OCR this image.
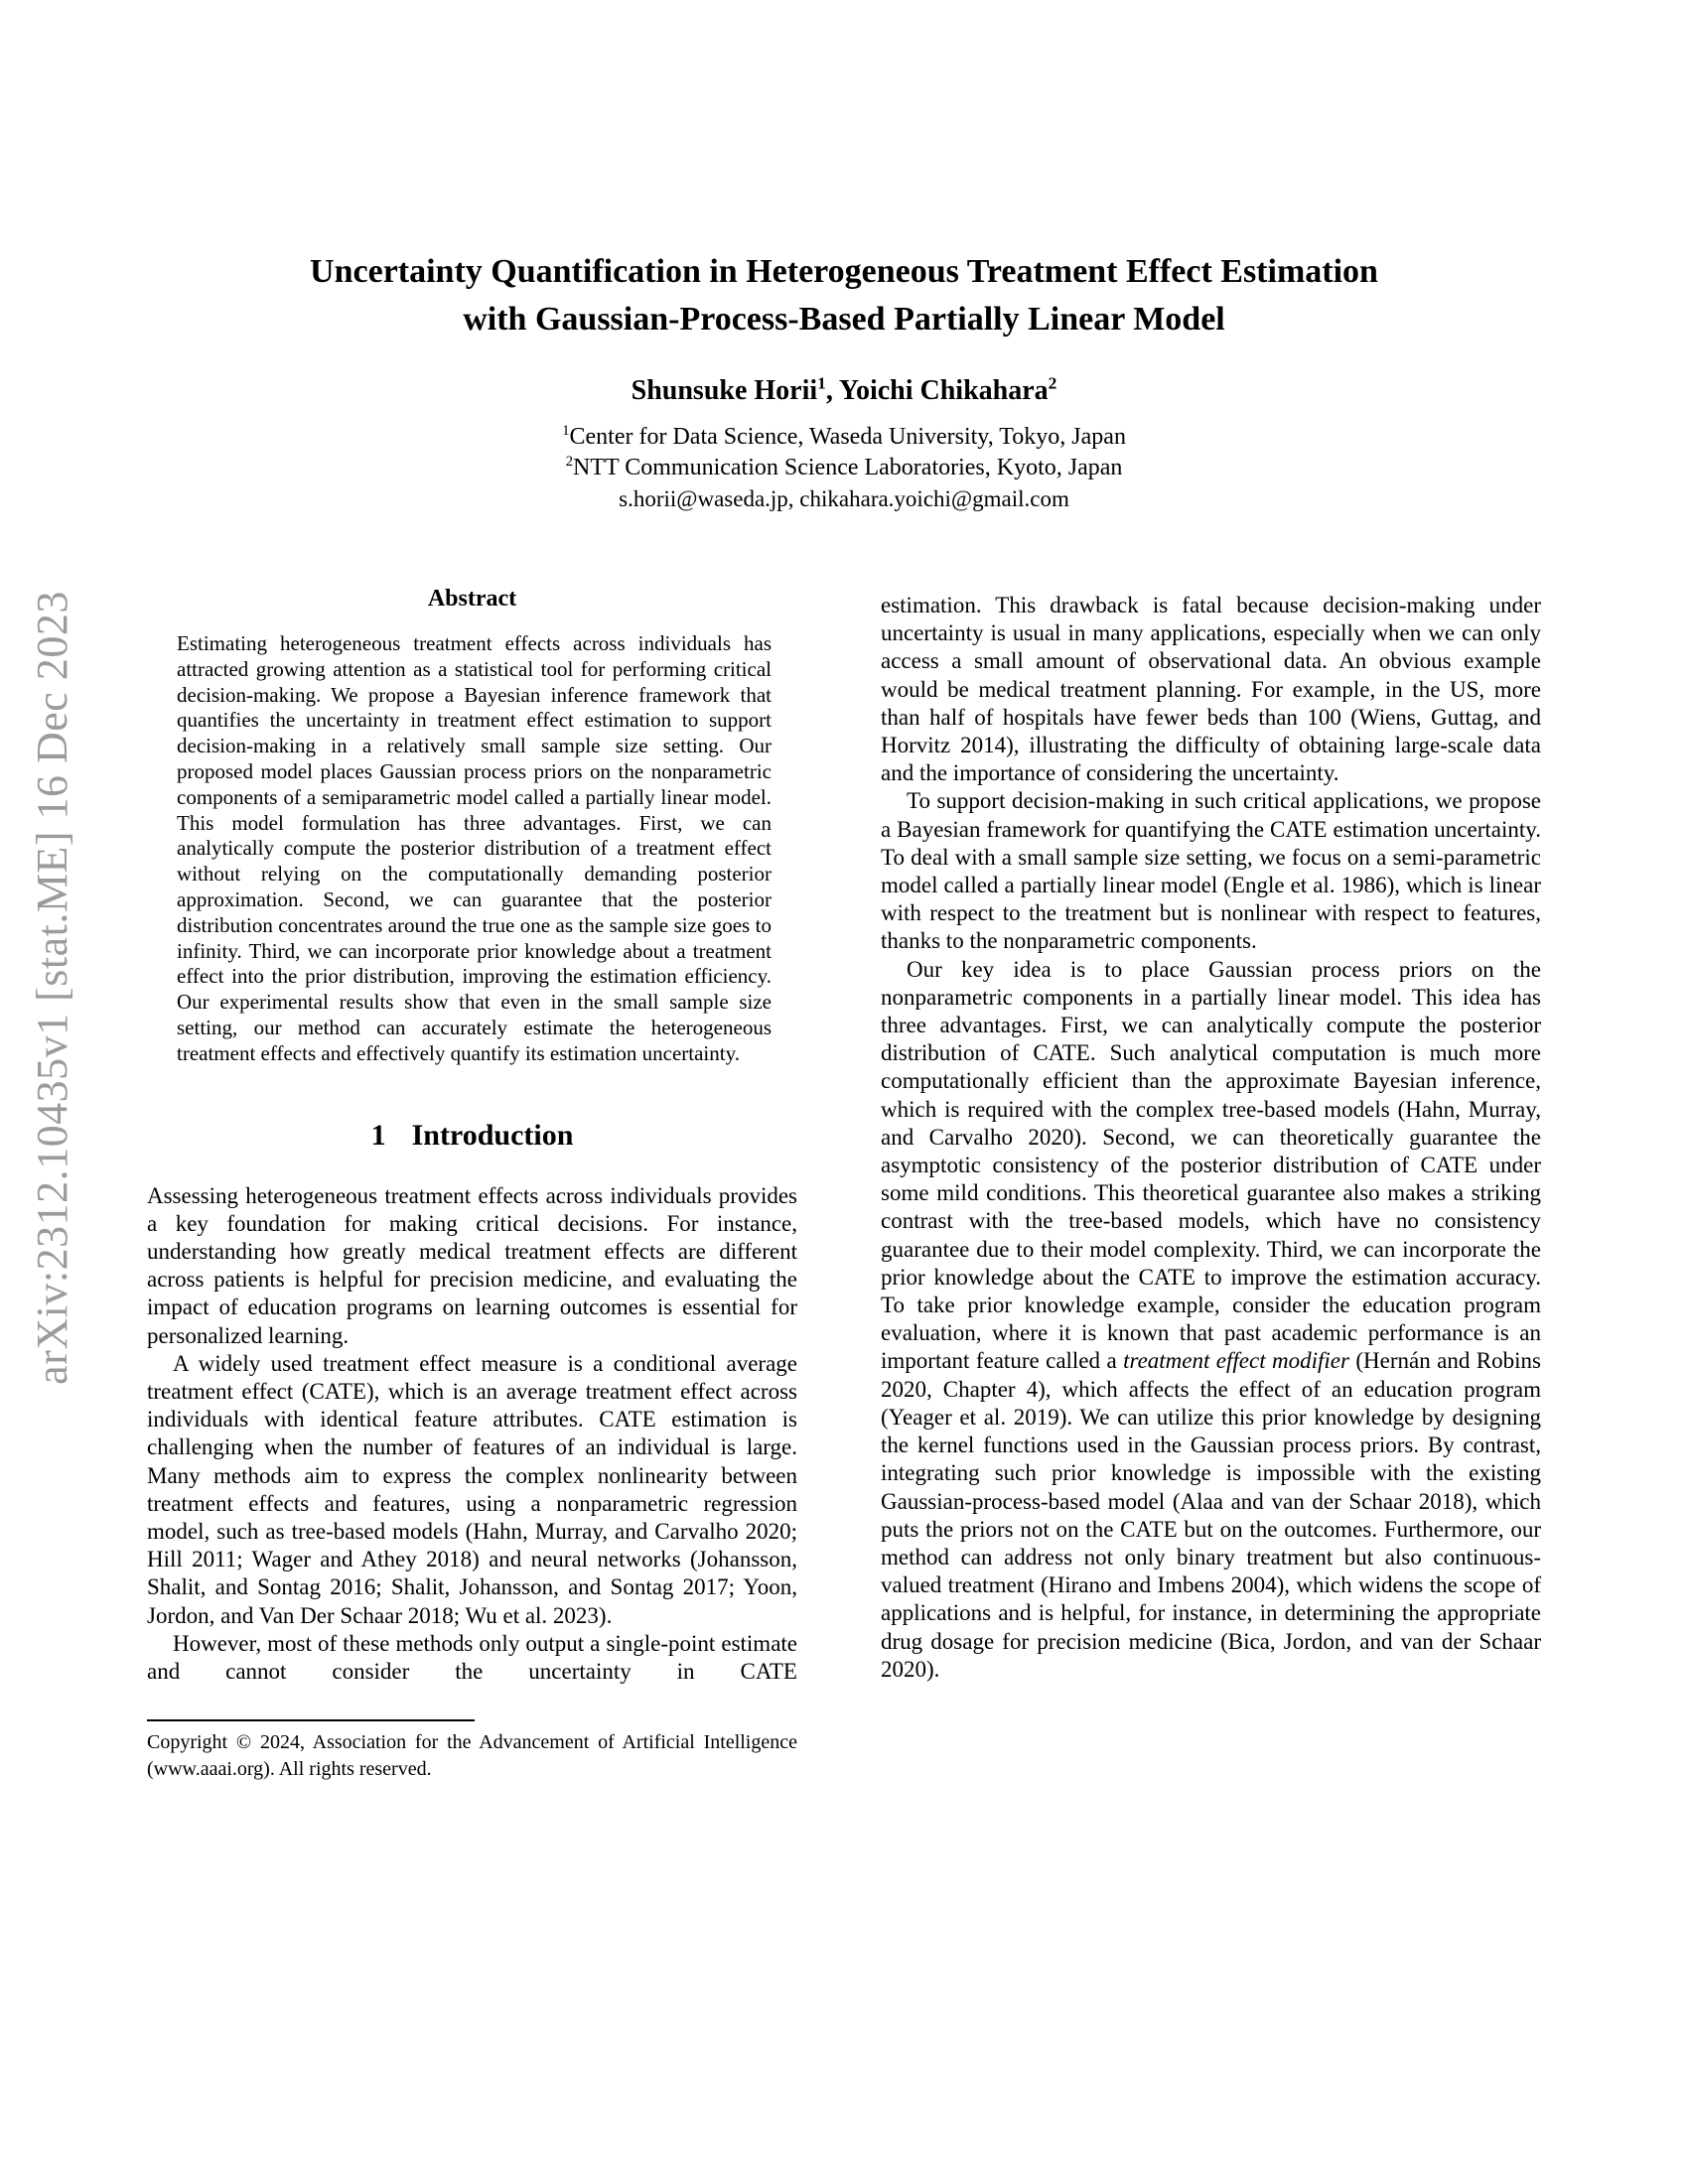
arXiv:2312.10435v1 [stat.ME] 16 Dec 2023
Uncertainty Quantification in Heterogeneous Treatment Effect Estimation
with Gaussian-Process-Based Partially Linear Model
Shunsuke Horii$^1$, Yoichi Chikahara$^2$
$^1$Center for Data Science, Waseda University, Tokyo, Japan
$^2$NTT Communication Science Laboratories, Kyoto, Japan
s.horii@waseda.jp, chikahara.yoichi@gmail.com
Abstract

Estimating heterogeneous treatment effects across individuals has attracted growing attention as a statistical tool for performing critical decision-making. We propose a Bayesian inference framework that quantifies the uncertainty in treatment effect estimation to support decision-making in a relatively small sample size setting. Our proposed model places Gaussian process priors on the nonparametric components of a semiparametric model called a partially linear model. This model formulation has three advantages. First, we can analytically compute the posterior distribution of a treatment effect without relying on the computationally demanding posterior approximation. Second, we can guarantee that the posterior distribution concentrates around the true one as the sample size goes to infinity. Third, we can incorporate prior knowledge about a treatment effect into the prior distribution, improving the estimation efficiency. Our experimental results show that even in the small sample size setting, our method can accurately estimate the heterogeneous treatment effects and effectively quantify its estimation uncertainty.

1 Introduction

Assessing heterogeneous treatment effects across individuals provides a key foundation for making critical decisions. For instance, understanding how greatly medical treatment effects are different across patients is helpful for precision medicine, and evaluating the impact of education programs on learning outcomes is essential for personalized learning.

A widely used treatment effect measure is a conditional average treatment effect (CATE), which is an average treatment effect across individuals with identical feature attributes. CATE estimation is challenging when the number of features of an individual is large. Many methods aim to express the complex nonlinearity between treatment effects and features, using a nonparametric regression model, such as tree-based models (Hahn, Murray, and Carvalho 2020; Hill 2011; Wager and Athey 2018) and neural networks (Johansson, Shalit, and Sontag 2016; Shalit, Johansson, and Sontag 2017; Yoon, Jordon, and Van Der Schaar 2018; Wu et al. 2023).

However, most of these methods only output a single-point estimate and cannot consider the uncertainty in CATE

Copyright © 2024, Association for the Advancement of Artificial Intelligence (www.aaai.org). All rights reserved.

estimation. This drawback is fatal because decision-making under uncertainty is usual in many applications, especially when we can only access a small amount of observational data. An obvious example would be medical treatment planning. For example, in the US, more than half of hospitals have fewer beds than 100 (Wiens, Guttag, and Horvitz 2014), illustrating the difficulty of obtaining large-scale data and the importance of considering the uncertainty.

To support decision-making in such critical applications, we propose a Bayesian framework for quantifying the CATE estimation uncertainty. To deal with a small sample size setting, we focus on a semi-parametric model called a partially linear model (Engle et al. 1986), which is linear with respect to the treatment but is nonlinear with respect to features, thanks to the nonparametric components.

Our key idea is to place Gaussian process priors on the nonparametric components in a partially linear model. This idea has three advantages. First, we can analytically compute the posterior distribution of CATE. Such analytical computation is much more computationally efficient than the approximate Bayesian inference, which is required with the complex tree-based models (Hahn, Murray, and Carvalho 2020). Second, we can theoretically guarantee the asymptotic consistency of the posterior distribution of CATE under some mild conditions. This theoretical guarantee also makes a striking contrast with the tree-based models, which have no consistency guarantee due to their model complexity. Third, we can incorporate the prior knowledge about the CATE to improve the estimation accuracy. To take prior knowledge example, consider the education program evaluation, where it is known that past academic performance is an important feature called a treatment effect modifier (Hernán and Robins 2020, Chapter 4), which affects the effect of an education program (Yeager et al. 2019). We can utilize this prior knowledge by designing the kernel functions used in the Gaussian process priors. By contrast, integrating such prior knowledge is impossible with the existing Gaussian-process-based model (Alaa and van der Schaar 2018), which puts the priors not on the CATE but on the outcomes. Furthermore, our method can address not only binary treatment but also continuous-valued treatment (Hirano and Imbens 2004), which widens the scope of applications and is helpful, for instance, in determining the appropriate drug dosage for precision medicine (Bica, Jordon, and van der Schaar 2020).
